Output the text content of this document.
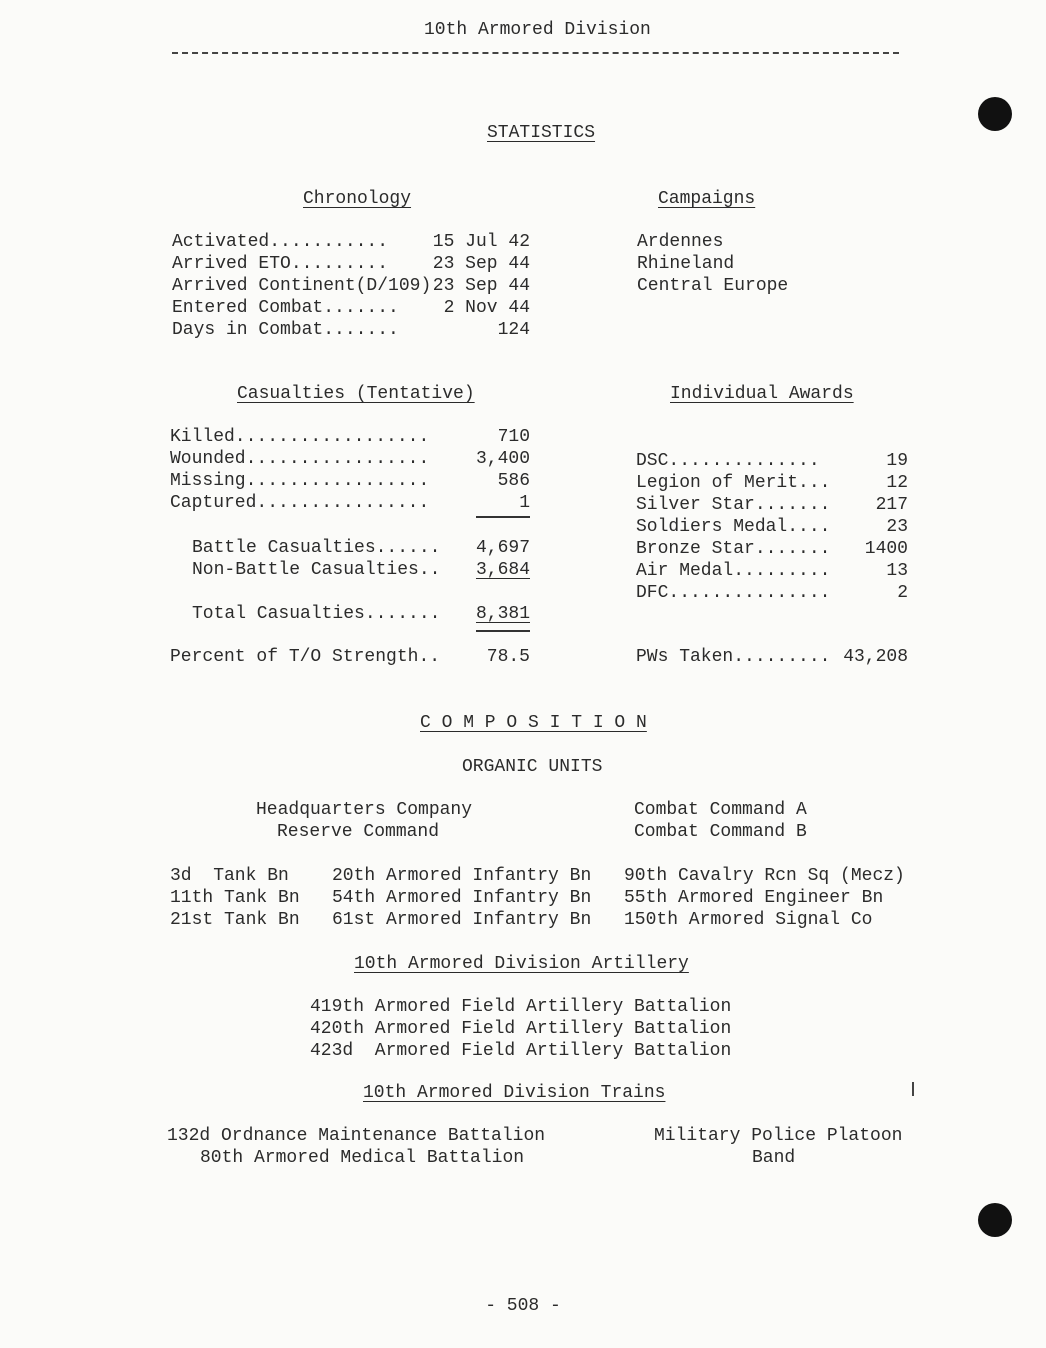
10th Armored Division
STATISTICS
Chronology
Activated...........	15 Jul 42
Arrived ETO.........	23 Sep 44
Arrived Continent(D/109) 23 Sep 44
Entered Combat.......	2 Nov 44
Days in Combat.......	124
Campaigns
Ardennes
Rhineland
Central Europe
Casualties (Tentative)
Killed..................	710
Wounded.................	3,400
Missing.................	586
Captured................	1
Battle Casualties......	4,697
Non-Battle Casualties..	3,684
Total Casualties.......	8,381
Percent of T/O Strength..	78.5
Individual Awards
DSC..............	19
Legion of Merit...	12
Silver Star.......	217
Soldiers Medal....	23
Bronze Star.......	1400
Air Medal.........	13
DFC...............	2
PWs Taken......... 43,208
C O M P O S I T I O N
ORGANIC UNITS
Headquarters Company
Reserve Command
Combat Command A
Combat Command B
3d  Tank Bn
11th Tank Bn
21st Tank Bn
20th Armored Infantry Bn
54th Armored Infantry Bn
61st Armored Infantry Bn
90th Cavalry Rcn Sq (Mecz)
55th Armored Engineer Bn
150th Armored Signal Co
10th Armored Division Artillery
419th Armored Field Artillery Battalion
420th Armored Field Artillery Battalion
423d  Armored Field Artillery Battalion
10th Armored Division Trains
132d Ordnance Maintenance Battalion
80th Armored Medical Battalion
Military Police Platoon
Band
- 508 -
